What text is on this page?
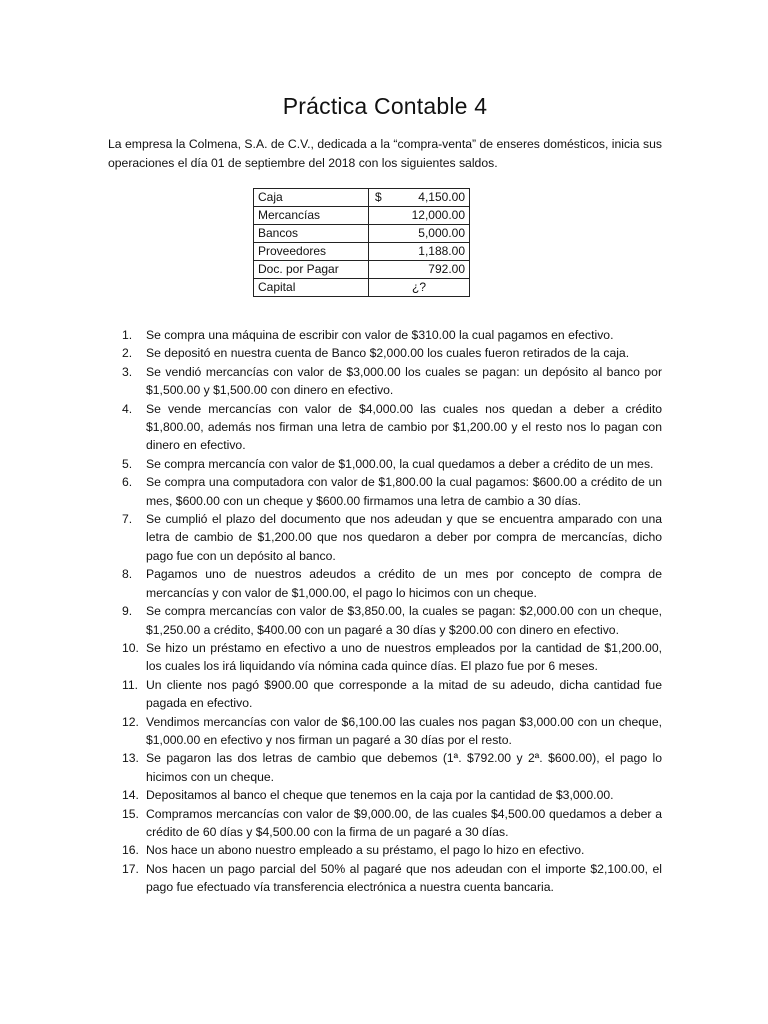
Práctica Contable 4

La empresa la Colmena, S.A. de C.V., dedicada a la “compra-venta” de enseres domésticos, inicia sus operaciones el día 01 de septiembre del 2018 con los siguientes saldos.

Caja	$ 4,150.00
Mercancías	12,000.00
Bancos	5,000.00
Proveedores	1,188.00
Doc. por Pagar	792.00
Capital	¿?
1. Se compra una máquina de escribir con valor de $310.00 la cual pagamos en efectivo.
2. Se depositó en nuestra cuenta de Banco $2,000.00 los cuales fueron retirados de la caja.
3. Se vendió mercancías con valor de $3,000.00 los cuales se pagan: un depósito al banco por $1,500.00 y $1,500.00 con dinero en efectivo.
4. Se vende mercancías con valor de $4,000.00 las cuales nos quedan a deber a crédito $1,800.00, además nos firman una letra de cambio por $1,200.00 y el resto nos lo pagan con dinero en efectivo.
5. Se compra mercancía con valor de $1,000.00, la cual quedamos a deber a crédito de un mes.
6. Se compra una computadora con valor de $1,800.00 la cual pagamos: $600.00 a crédito de un mes, $600.00 con un cheque y $600.00 firmamos una letra de cambio a 30 días.
7. Se cumplió el plazo del documento que nos adeudan y que se encuentra amparado con una letra de cambio de $1,200.00 que nos quedaron a deber por compra de mercancías, dicho pago fue con un depósito al banco.
8. Pagamos uno de nuestros adeudos a crédito de un mes por concepto de compra de mercancías y con valor de $1,000.00, el pago lo hicimos con un cheque.
9. Se compra mercancías con valor de $3,850.00, la cuales se pagan: $2,000.00 con un cheque, $1,250.00 a crédito, $400.00 con un pagaré a 30 días y $200.00 con dinero en efectivo.
10. Se hizo un préstamo en efectivo a uno de nuestros empleados por la cantidad de $1,200.00, los cuales los irá liquidando vía nómina cada quince días. El plazo fue por 6 meses.
11. Un cliente nos pagó $900.00 que corresponde a la mitad de su adeudo, dicha cantidad fue pagada en efectivo.
12. Vendimos mercancías con valor de $6,100.00 las cuales nos pagan $3,000.00 con un cheque, $1,000.00 en efectivo y nos firman un pagaré a 30 días por el resto.
13. Se pagaron las dos letras de cambio que debemos (1ª. $792.00 y 2ª. $600.00), el pago lo hicimos con un cheque.
14. Depositamos al banco el cheque que tenemos en la caja por la cantidad de $3,000.00.
15. Compramos mercancías con valor de $9,000.00, de las cuales $4,500.00 quedamos a deber a crédito de 60 días y $4,500.00 con la firma de un pagaré a 30 días.
16. Nos hace un abono nuestro empleado a su préstamo, el pago lo hizo en efectivo.
17. Nos hacen un pago parcial del 50% al pagaré que nos adeudan con el importe $2,100.00, el pago fue efectuado vía transferencia electrónica a nuestra cuenta bancaria.
